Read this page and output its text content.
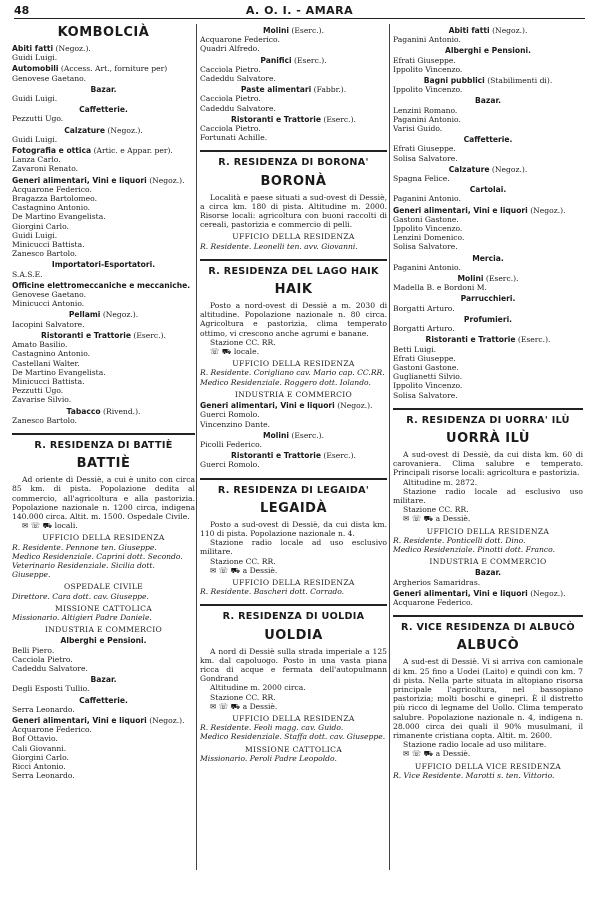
48	A. O. I. - AMARA
KOMBOLCIÀ
Abiti fatti (Negoz.).
Guidi Luigi.
Automobili (Access. Art., forniture per)
Genovese Gaetano.
Bazar.
Guidi Luigi.
Caffetterie.
Pezzutti Ugo.
Calzature (Negoz.).
Guidi Luigi.
Fotografia e ottica (Artic. e Appar. per).
Lanza Carlo.
Zavaroni Renato.
Generi alimentari, Vini e liquori (Negoz.).
Acquarone Federico.
Bragazza Bartolomeo.
Castagnino Antonio.
De Martino Evangelista.
Giorgini Carlo.
Guidi Luigi.
Minicucci Battista.
Zanesco Bartolo.
Importatori-Esportatori.
S.A.S.E.
Officine elettromeccaniche e meccaniche.
Genovese Gaetano.
Minicucci Antonio.
Pellami (Negoz.).
Iacopini Salvatore.
Ristoranti e Trattorie (Eserc.).
Amato Basilio.
Castagnino Antonio.
Castellani Walter.
De Martino Evangelista.
Minicucci Battista.
Pezzutti Ugo.
Zavarise Silvio.
Tabacco (Rivend.).
Zanesco Bartolo.
R. RESIDENZA DI BATTIÈ
BATTIÈ
Ad oriente di Dessiè, a cui è unito con circa 85 km. di pista. Popolazione dedita al commercio, all'agricoltura e alla pastorizia. Popolazione nazionale n. 1200 circa, indigena 140.000 circa. Altit. m. 1500. Ospedale Civile.
✉ ☏ ⛟ locali.
UFFICIO DELLA RESIDENZA
R. Residente. Pennone ten. Giuseppe.
Medico Residenziale. Caprini dott. Secondo.
Veterinario Residenziale. Sicilia dott. Giuseppe.
OSPEDALE CIVILE
Direttore. Cara dott. cav. Giuseppe.
MISSIONE CATTOLICA
Missionario. Altigieri Padre Daniele.
INDUSTRIA E COMMERCIO
Alberghi e Pensioni.
Belli Piero.
Cacciola Pietro.
Cadeddu Salvatore.
Bazar.
Degli Esposti Tullio.
Caffetterie.
Serra Leonardo.
Generi alimentari, Vini e liquori (Negoz.).
Acquarone Federico.
Bof Ottavio.
Cali Giovanni.
Giorgini Carlo.
Ricci Antonio.
Serra Leonardo.
Molini (Eserc.).
Acquarone Federico.
Quadri Alfredo.
Panifici (Eserc.).
Cacciola Pietro.
Cadeddu Salvatore.
Paste alimentari (Fabbr.).
Cacciola Pietro.
Cadeddu Salvatore.
Ristoranti e Trattorie (Eserc.).
Cacciola Pietro.
Fortunati Achille.
R. RESIDENZA DI BORONA'
BORONÀ
Località e paese situati a sud-ovest di Dessiè, a circa km. 180 di pista. Altitudine m. 2000. Risorse locali: agricoltura con buoni raccolti di cereali, pastorizia e commercio di pelli.
UFFICIO DELLA RESIDENZA
R. Residente. Leonelli ten. avv. Giovanni.
R. RESIDENZA DEL LAGO HAIK
HAIK
Posto a nord-ovest di Dessiè a m. 2030 di altitudine. Popolazione nazionale n. 80 circa. Agricoltura e pastorizia, clima temperato ottimo, vi crescono anche agrumi e banane.
Stazione CC. RR.
☏ ⛟ locale.
UFFICIO DELLA RESIDENZA
R. Residente. Corigliano cav. Mario cap. CC.RR.
Medico Residenziale. Roggero dott. Iolando.
INDUSTRIA E COMMERCIO
Generi alimentari, Vini e liquori (Negoz.).
Guerci Romolo.
Vincenzino Dante.
Molini (Eserc.).
Picolli Federico.
Ristoranti e Trattorie (Eserc.).
Guerci Romolo.
R. RESIDENZA DI LEGAIDA'
LEGAIDÀ
Posto a sud-ovest di Dessiè, da cui dista km. 110 di pista. Popolazione nazionale n. 4.
Stazione radio locale ad uso esclusivo militare.
Stazione CC. RR.
✉ ☏ ⛟ a Dessiè.
UFFICIO DELLA RESIDENZA
R. Residente. Bascheri dott. Corrado.
R. RESIDENZA DI UOLDIA
UOLDIA
A nord di Dessiè sulla strada imperiale a 125 km. dal capoluogo. Posto in una vasta piana ricca di acque e fermata dell'autopulmann Gondrand
Altitudine m. 2000 circa.
Stazione CC. RR.
✉ ☏ ⛟ a Dessiè.
UFFICIO DELLA RESIDENZA
R. Residente. Feoli magg. cav. Guido.
Medico Residenziale. Staffa dott. cav. Giuseppe.
MISSIONE CATTOLICA
Missionario. Peroli Padre Leopoldo.
Abiti fatti (Negoz.).
Paganini Antonio.
Alberghi e Pensioni.
Efrati Giuseppe.
Ippolito Vincenzo.
Bagni pubblici (Stabilimenti di).
Ippolito Vincenzo.
Bazar.
Lenzini Romano.
Paganini Antonio.
Varisi Guido.
Caffetterie.
Efrati Giuseppe.
Solisa Salvatore.
Calzature (Negoz.).
Spagna Felice.
Cartolai.
Paganini Antonio.
Generi alimentari, Vini e liquori (Negoz.).
Gastoni Gastone.
Ippolito Vincenzo.
Lenzini Domenico.
Solisa Salvatore.
Mercia.
Paganini Antonio.
Molini (Eserc.).
Madella B. e Bordoni M.
Parrucchieri.
Borgatti Arturo.
Profumieri.
Borgatti Arturo.
Ristoranti e Trattorie (Eserc.).
Betti Luigi.
Efrati Giuseppe.
Gastoni Gastone.
Guglianetti Silvio.
Ippolito Vincenzo.
Solisa Salvatore.
R. RESIDENZA DI UORRA' ILÙ
UORRÀ ILÙ
A sud-ovest di Dessiè, da cui dista km. 60 di carovaniera. Clima salubre e temperato. Principali risorse locali: agricoltura e pastorizia.
Altitudine m. 2872.
Stazione radio locale ad esclusivo uso militare.
Stazione CC. RR.
✉ ☏ ⛟ a Dessiè.
UFFICIO DELLA RESIDENZA
R. Residente. Ponticelli dott. Dino.
Medico Residenziale. Pinotti dott. Franco.
INDUSTRIA E COMMERCIO
Bazar.
Argherios Samaridras.
Generi alimentari, Vini e liquori (Negoz.).
Acquarone Federico.
R. VICE RESIDENZA DI ALBUCÒ
ALBUCÒ
A sud-est di Dessiè. Vi si arriva con camionale di km. 25 fino a Uodei (Laito) e quindi con km. 7 di pista. Nella parte situata in altopiano risorsa principale l'agricoltura, nel bassopiano pastorizia; molti boschi e ginepri. È il distretto più ricco di legname del Uollo. Clima temperato salubre. Popolazione nazionale n. 4, indigena n. 28.000 circa dei quali il 90% musulmani, il rimanente cristiana copta. Altit. m. 2600.
Stazione radio locale ad uso militare.
✉ ☏ ⛟ a Dessiè.
UFFICIO DELLA VICE RESIDENZA
R. Vice Residente. Marotti s. ten. Vittorio.
